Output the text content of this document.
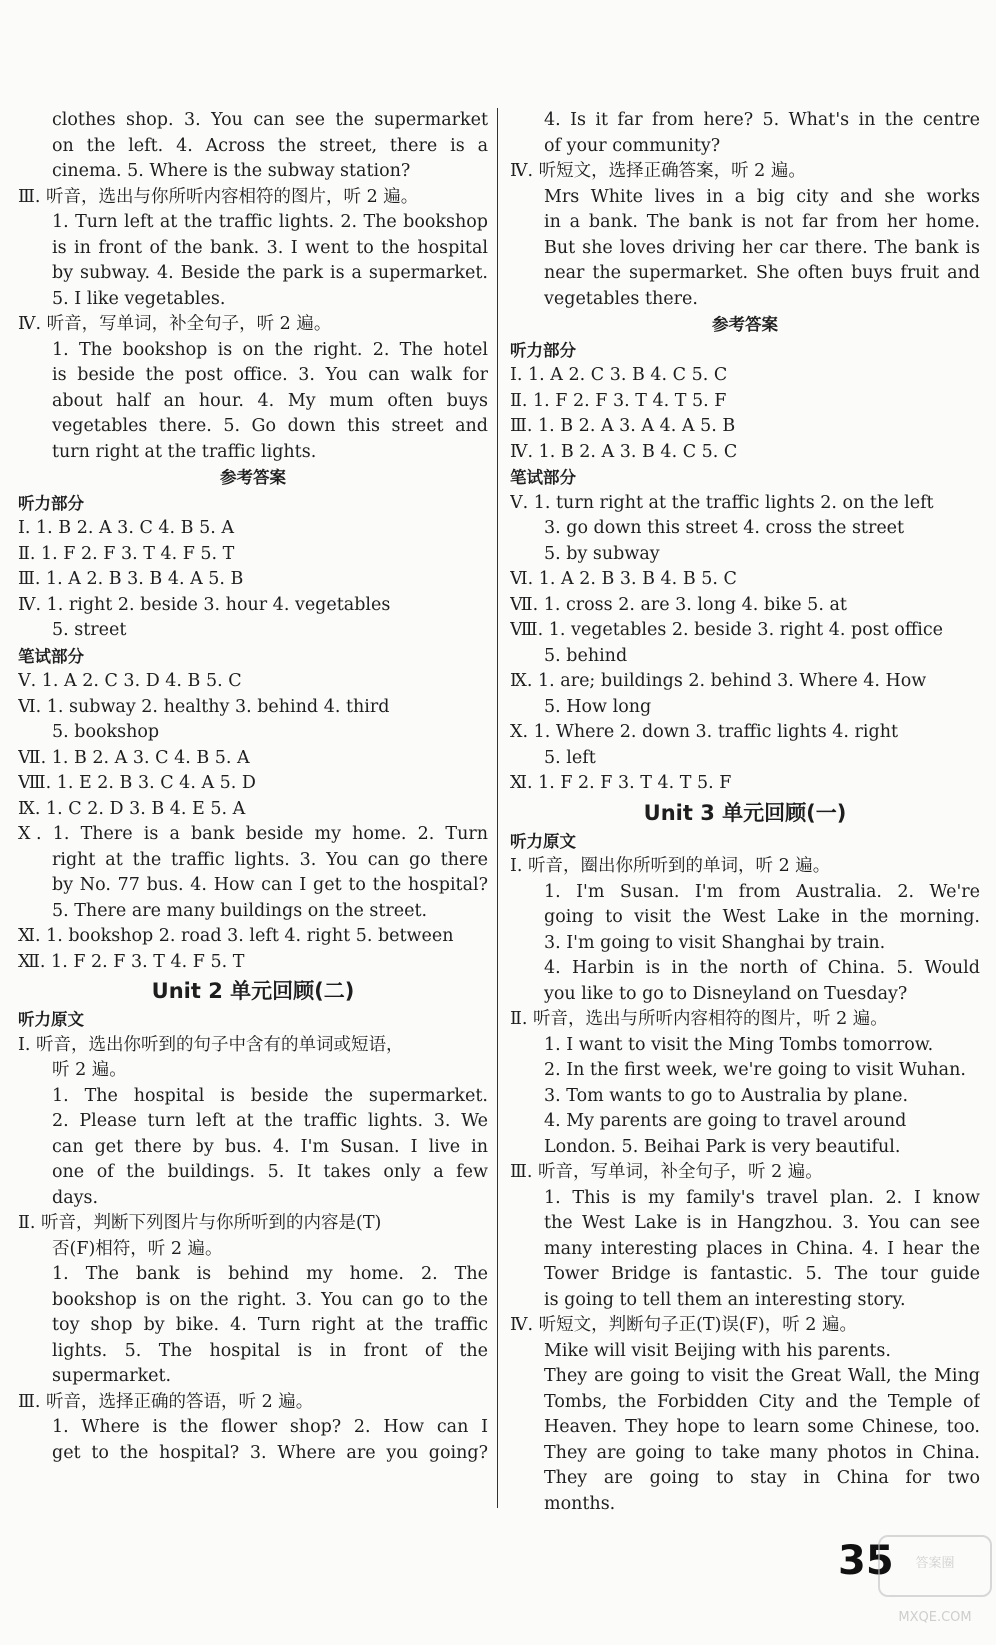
clothes shop. 3. You can see the supermarket
on the left. 4. Across the street, there is a
cinema. 5. Where is the subway station?
Ⅲ. 听音，选出与你所听内容相符的图片，听 2 遍。
1. Turn left at the traffic lights. 2. The bookshop
is in front of the bank. 3. I went to the hospital
by subway. 4. Beside the park is a supermarket.
5. I like vegetables.
Ⅳ. 听音，写单词，补全句子，听 2 遍。
1. The bookshop is on the right. 2. The hotel
is beside the post office. 3. You can walk for
about half an hour. 4. My mum often buys
vegetables there. 5. Go down this street and
turn right at the traffic lights.
参考答案
听力部分
Ⅰ. 1. B 2. A 3. C 4. B 5. A
Ⅱ. 1. F 2. F 3. T 4. F 5. T
Ⅲ. 1. A 2. B 3. B 4. A 5. B
Ⅳ. 1. right 2. beside 3. hour 4. vegetables
5. street
笔试部分
Ⅴ. 1. A 2. C 3. D 4. B 5. C
Ⅵ. 1. subway 2. healthy 3. behind 4. third
5. bookshop
Ⅶ. 1. B 2. A 3. C 4. B 5. A
Ⅷ. 1. E 2. B 3. C 4. A 5. D
Ⅸ. 1. C 2. D 3. B 4. E 5. A
Ⅹ. 1. There is a bank beside my home. 2. Turn
right at the traffic lights. 3. You can go there
by No. 77 bus. 4. How can I get to the hospital?
5. There are many buildings on the street.
Ⅺ. 1. bookshop 2. road 3. left 4. right 5. between
Ⅻ. 1. F 2. F 3. T 4. F 5. T
Unit 2 单元回顾(二)
听力原文
Ⅰ. 听音，选出你听到的句子中含有的单词或短语，
听 2 遍。
1. The hospital is beside the supermarket.
2. Please turn left at the traffic lights. 3. We
can get there by bus. 4. I'm Susan. I live in
one of the buildings. 5. It takes only a few
days.
Ⅱ. 听音，判断下列图片与你所听到的内容是(T)
否(F)相符，听 2 遍。
1. The bank is behind my home. 2. The
bookshop is on the right. 3. You can go to the
toy shop by bike. 4. Turn right at the traffic
lights. 5. The hospital is in front of the
supermarket.
Ⅲ. 听音，选择正确的答语，听 2 遍。
1. Where is the flower shop? 2. How can I
get to the hospital? 3. Where are you going?
4. Is it far from here? 5. What's in the centre
of your community?
Ⅳ. 听短文，选择正确答案，听 2 遍。
Mrs White lives in a big city and she works
in a bank. The bank is not far from her home.
But she loves driving her car there. The bank is
near the supermarket. She often buys fruit and
vegetables there.
参考答案
听力部分
Ⅰ. 1. A 2. C 3. B 4. C 5. C
Ⅱ. 1. F 2. F 3. T 4. T 5. F
Ⅲ. 1. B 2. A 3. A 4. A 5. B
Ⅳ. 1. B 2. A 3. B 4. C 5. C
笔试部分
Ⅴ. 1. turn right at the traffic lights 2. on the left
3. go down this street 4. cross the street
5. by subway
Ⅵ. 1. A 2. B 3. B 4. B 5. C
Ⅶ. 1. cross 2. are 3. long 4. bike 5. at
Ⅷ. 1. vegetables 2. beside 3. right 4. post office
5. behind
Ⅸ. 1. are; buildings 2. behind 3. Where 4. How
5. How long
Ⅹ. 1. Where 2. down 3. traffic lights 4. right
5. left
Ⅺ. 1. F 2. F 3. T 4. T 5. F
Unit 3 单元回顾(一)
听力原文
Ⅰ. 听音，圈出你所听到的单词，听 2 遍。
1. I'm Susan. I'm from Australia. 2. We're
going to visit the West Lake in the morning.
3. I'm going to visit Shanghai by train.
4. Harbin is in the north of China. 5. Would
you like to go to Disneyland on Tuesday?
Ⅱ. 听音，选出与所听内容相符的图片，听 2 遍。
1. I want to visit the Ming Tombs tomorrow.
2. In the first week, we're going to visit Wuhan.
3. Tom wants to go to Australia by plane.
4. My parents are going to travel around
London. 5. Beihai Park is very beautiful.
Ⅲ. 听音，写单词，补全句子，听 2 遍。
1. This is my family's travel plan. 2. I know
the West Lake is in Hangzhou. 3. You can see
many interesting places in China. 4. I hear the
Tower Bridge is fantastic. 5. The tour guide
is going to tell them an interesting story.
Ⅳ. 听短文，判断句子正(T)误(F)，听 2 遍。
Mike will visit Beijing with his parents.
They are going to visit the Great Wall, the Ming
Tombs, the Forbidden City and the Temple of
Heaven. They hope to learn some Chinese, too.
They are going to take many photos in China.
They are going to stay in China for two
months.
35	答案圈 MXQE.COM
